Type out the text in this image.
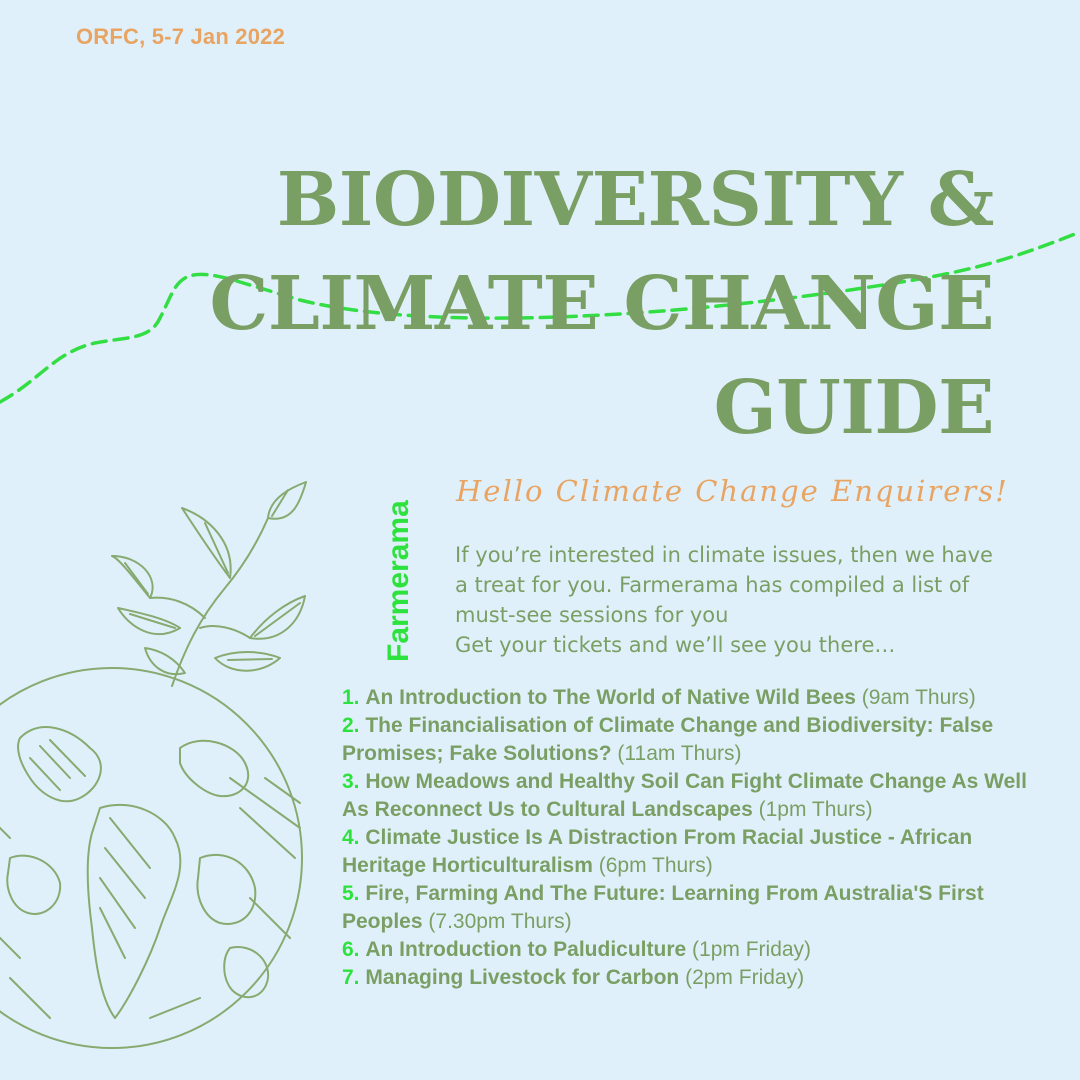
ORFC, 5-7 Jan 2022
BIODIVERSITY &
CLIMATE CHANGE
GUIDE
Farmerama
Hello Climate Change Enquirers!

If you’re interested in climate issues, then we have

a treat for you. Farmerama has compiled a list of

must-see sessions for you

Get your tickets and we’ll see you there…

1. An Introduction to The World of Native Wild Bees (9am Thurs)
2. The Financialisation of Climate Change and Biodiversity: False Promises; Fake Solutions? (11am Thurs)
3. How Meadows and Healthy Soil Can Fight Climate Change As Well As Reconnect Us to Cultural Landscapes (1pm Thurs)
4. Climate Justice Is A Distraction From Racial Justice - African Heritage Horticulturalism (6pm Thurs)
5. Fire, Farming And The Future: Learning From Australia'S First Peoples (7.30pm Thurs)
6. An Introduction to Paludiculture (1pm Friday)
7. Managing Livestock for Carbon (2pm Friday)
